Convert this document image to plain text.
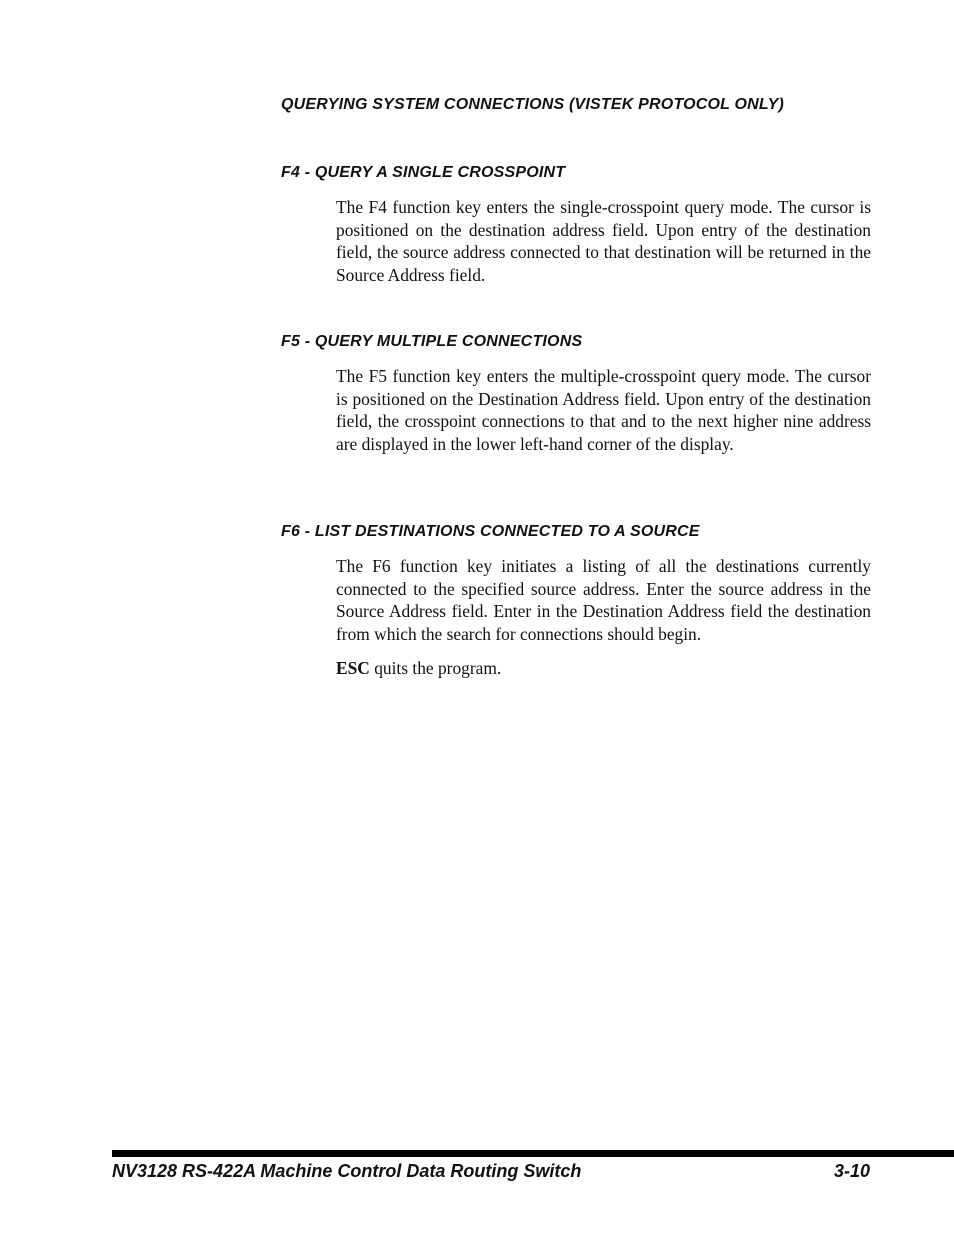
QUERYING SYSTEM CONNECTIONS (VISTEK PROTOCOL ONLY)
F4 - QUERY A SINGLE CROSSPOINT

The F4 function key enters the single-crosspoint query mode. The cursor is positioned on the destination address field. Upon entry of the destination field, the source address connected to that destination will be returned in the Source Address field.

F5 - QUERY MULTIPLE CONNECTIONS

The F5 function key enters the multiple-crosspoint query mode. The cursor is positioned on the Destination Address field. Upon entry of the destination field, the crosspoint connections to that and to the next higher nine address are displayed in the lower left-hand corner of the display.

F6 - LIST DESTINATIONS CONNECTED TO A SOURCE

The F6 function key initiates a listing of all the destinations currently connected to the specified source address. Enter the source address in the Source Address field. Enter in the Destination Address field the destination from which the search for connections should begin.

ESC quits the program.

NV3128 RS-422A Machine Control Data Routing Switch	3-10
